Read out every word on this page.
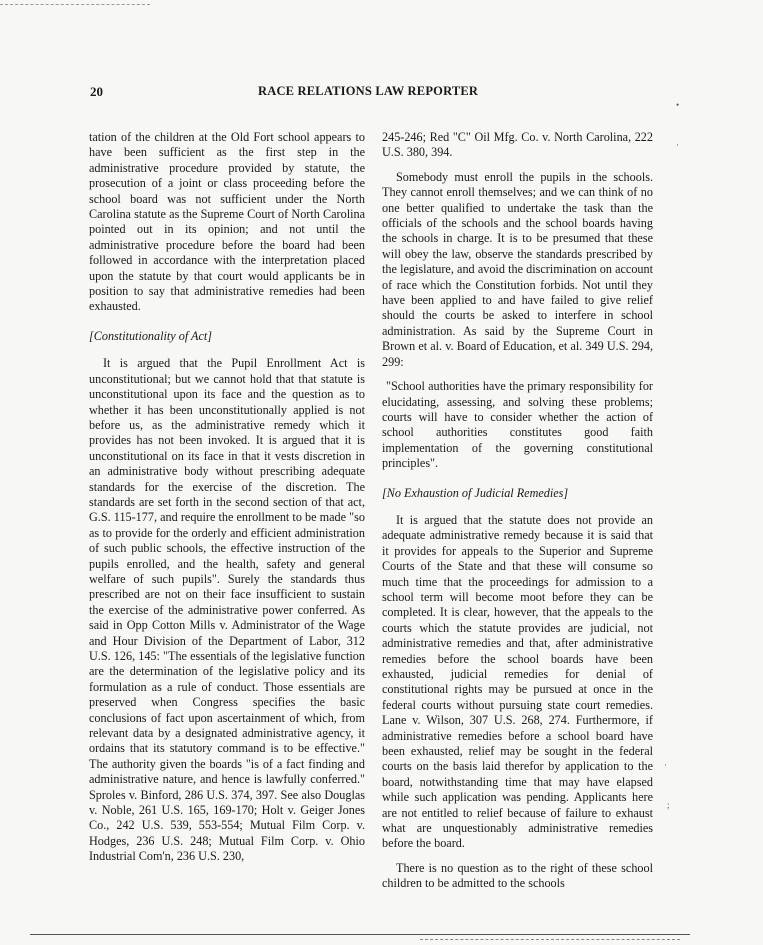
20	RACE RELATIONS LAW REPORTER

tation of the children at the Old Fort school appears to have been sufficient as the first step in the administrative procedure provided by statute, the prosecution of a joint or class proceeding before the school board was not sufficient under the North Carolina statute as the Supreme Court of North Carolina pointed out in its opinion; and not until the administrative procedure before the board had been followed in accordance with the interpretation placed upon the statute by that court would applicants be in position to say that administrative remedies had been exhausted.

[Constitutionality of Act]

It is argued that the Pupil Enrollment Act is unconstitutional; but we cannot hold that that statute is unconstitutional upon its face and the question as to whether it has been unconstitutionally applied is not before us, as the administrative remedy which it provides has not been invoked. It is argued that it is unconstitutional on its face in that it vests discretion in an administrative body without prescribing adequate standards for the exercise of the discretion. The standards are set forth in the second section of that act, G.S. 115-177, and require the enrollment to be made "so as to provide for the orderly and efficient administration of such public schools, the effective instruction of the pupils enrolled, and the health, safety and general welfare of such pupils". Surely the standards thus prescribed are not on their face insufficient to sustain the exercise of the administrative power conferred. As said in Opp Cotton Mills v. Administrator of the Wage and Hour Division of the Department of Labor, 312 U.S. 126, 145: "The essentials of the legislative function are the determination of the legislative policy and its formulation as a rule of conduct. Those essentials are preserved when Congress specifies the basic conclusions of fact upon ascertainment of which, from relevant data by a designated administrative agency, it ordains that its statutory command is to be effective." The authority given the boards "is of a fact finding and administrative nature, and hence is lawfully conferred." Sproles v. Binford, 286 U.S. 374, 397. See also Douglas v. Noble, 261 U.S. 165, 169-170; Holt v. Geiger Jones Co., 242 U.S. 539, 553-554; Mutual Film Corp. v. Hodges, 236 U.S. 248; Mutual Film Corp. v. Ohio Industrial Com'n, 236 U.S. 230,

245-246; Red "C" Oil Mfg. Co. v. North Carolina, 222 U.S. 380, 394.

Somebody must enroll the pupils in the schools. They cannot enroll themselves; and we can think of no one better qualified to undertake the task than the officials of the schools and the school boards having the schools in charge. It is to be presumed that these will obey the law, observe the standards prescribed by the legislature, and avoid the discrimination on account of race which the Constitution forbids. Not until they have been applied to and have failed to give relief should the courts be asked to interfere in school administration. As said by the Supreme Court in Brown et al. v. Board of Education, et al. 349 U.S. 294, 299:

"School authorities have the primary responsibility for elucidating, assessing, and solving these problems; courts will have to consider whether the action of school authorities constitutes good faith implementation of the governing constitutional principles".

[No Exhaustion of Judicial Remedies]

It is argued that the statute does not provide an adequate administrative remedy because it is said that it provides for appeals to the Superior and Supreme Courts of the State and that these will consume so much time that the proceedings for admission to a school term will become moot before they can be completed. It is clear, however, that the appeals to the courts which the statute provides are judicial, not administrative remedies and that, after administrative remedies before the school boards have been exhausted, judicial remedies for denial of constitutional rights may be pursued at once in the federal courts without pursuing state court remedies. Lane v. Wilson, 307 U.S. 268, 274. Furthermore, if administrative remedies before a school board have been exhausted, relief may be sought in the federal courts on the basis laid therefor by application to the board, notwithstanding time that may have elapsed while such application was pending. Applicants here are not entitled to relief because of failure to exhaust what are unquestionably administrative remedies before the board.

There is no question as to the right of these school children to be admitted to the schools

•
·
·
;
